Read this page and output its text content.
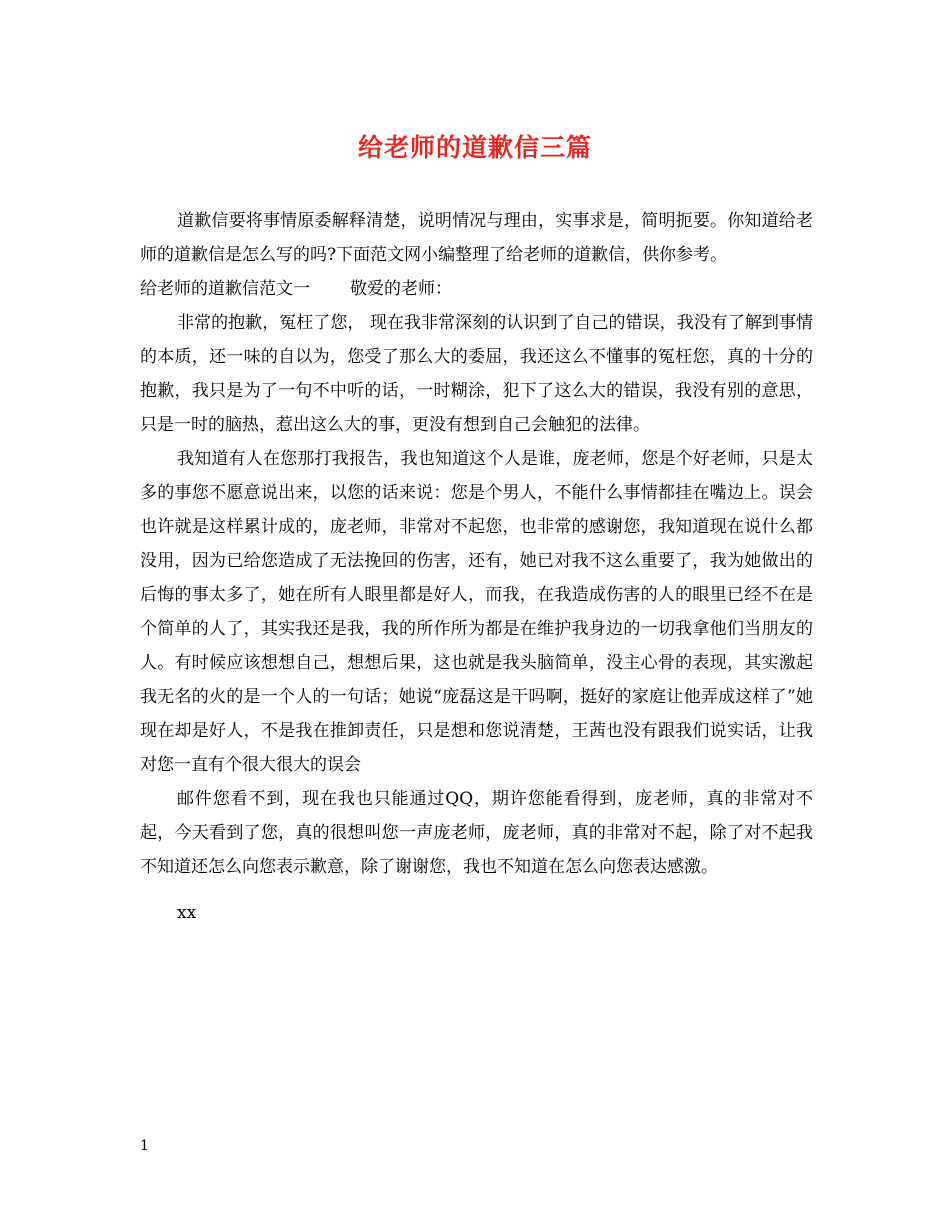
给老师的道歉信三篇

道歉信要将事情原委解释清楚，说明情况与理由，实事求是，简明扼要。你知道给老师的道歉信是怎么写的吗?下面范文网小编整理了给老师的道歉信，供你参考。

给老师的道歉信范文一 敬爱的老师：

非常的抱歉，冤枉了您， 现在我非常深刻的认识到了自己的错误，我没有了解到事情的本质，还一味的自以为，您受了那么大的委屈，我还这么不懂事的冤枉您，真的十分的抱歉，我只是为了一句不中听的话，一时糊涂，犯下了这么大的错误，我没有别的意思，只是一时的脑热，惹出这么大的事，更没有想到自己会触犯的法律。

我知道有人在您那打我报告，我也知道这个人是谁，庞老师，您是个好老师，只是太多的事您不愿意说出来，以您的话来说：您是个男人，不能什么事情都挂在嘴边上。误会也许就是这样累计成的，庞老师，非常对不起您，也非常的感谢您，我知道现在说什么都没用，因为已给您造成了无法挽回的伤害，还有，她已对我不这么重要了，我为她做出的后悔的事太多了，她在所有人眼里都是好人，而我，在我造成伤害的人的眼里已经不在是个简单的人了，其实我还是我，我的所作所为都是在维护我身边的一切我拿他们当朋友的人。有时候应该想想自己，想想后果，这也就是我头脑简单，没主心骨的表现，其实激起我无名的火的是一个人的一句话；她说“庞磊这是干吗啊，挺好的家庭让他弄成这样了”她现在却是好人，不是我在推卸责任，只是想和您说清楚，王茜也没有跟我们说实话，让我对您一直有个很大很大的误会

邮件您看不到，现在我也只能通过QQ，期许您能看得到，庞老师，真的非常对不起，今天看到了您，真的很想叫您一声庞老师，庞老师，真的非常对不起，除了对不起我不知道还怎么向您表示歉意，除了谢谢您，我也不知道在怎么向您表达感激。

xx

1
